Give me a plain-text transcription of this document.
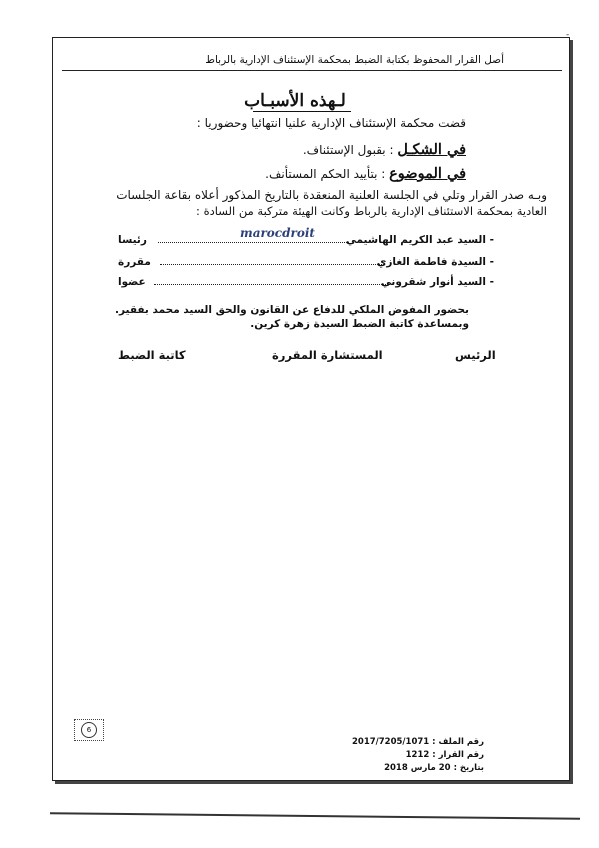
-
أصل القرار المحفوظ بكتابة الضبط بمحكمة الإستئناف الإدارية بالرباط
لـهذه الأسبـاب
قضت محكمة الإستئناف الإدارية علنيا انتهائيا وحضوريا :
في الشكـل : بقبول الإستئناف.
في الموضوع : بتأييد الحكم المستأنف.
وبـه صدر القرار وتلي في الجلسة العلنية المنعقدة بالتاريخ المذكور أعلاه بقاعة الجلسات
العادية بمحكمة الاستئناف الإدارية بالرباط وكانت الهيئة متركبة من السادة :
marocdroit	- السيد عبد الكريم الهاشيمي
رئيسا
- السيدة فاطمة الغازي
مقررة
- السيد أنوار شقروني
عضوا
بحضور المفوض الملكي للدفاع عن القانون والحق السيد محمد بفقير.
وبمساعدة كاتبة الضبط السيدة زهرة كرين.
الرئيس
المستشارة المقررة
كاتبة الضبط
6
رقم الملف : 2017/7205/1071
رقم القرار : 1212
بتاريخ : 20 مارس 2018
